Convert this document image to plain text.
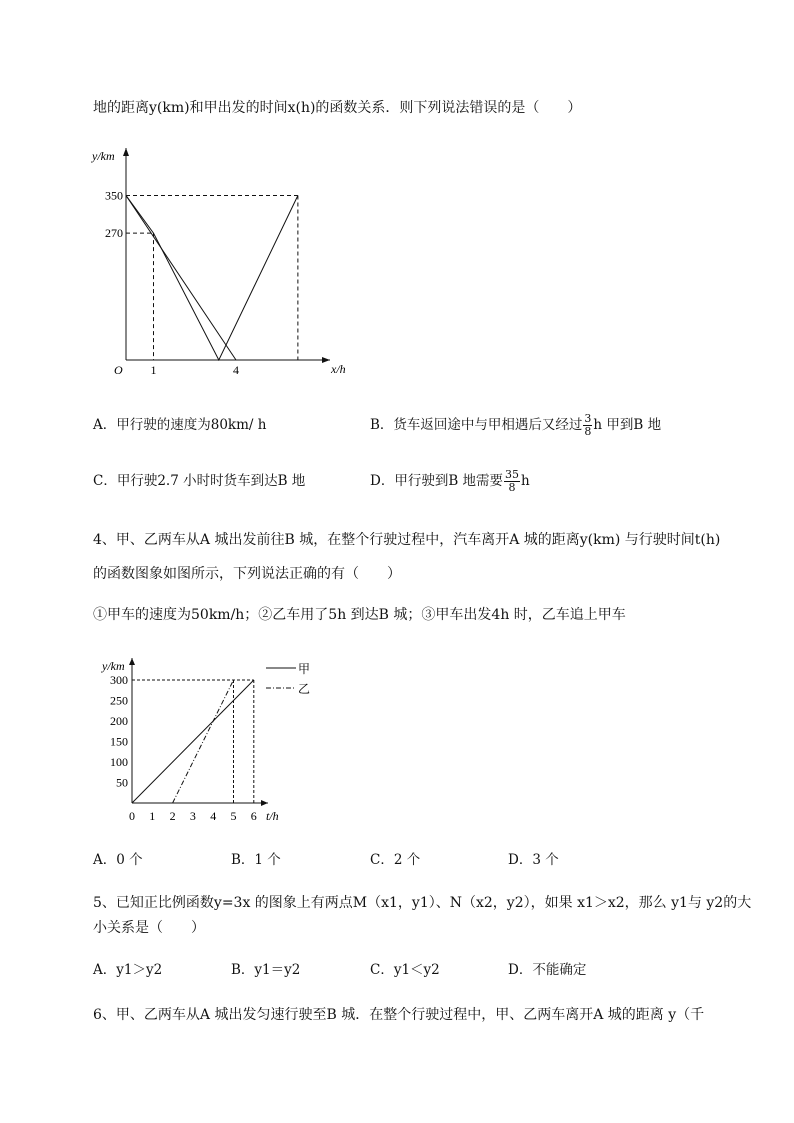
地的距离y(km)和甲出发的时间x(h)的函数关系．则下列说法错误的是（　　）
y/km
x/h
O 1	4
270
350
A．甲行驶的速度为80km/ h	B．货车返回途中与甲相遇后又经过 $\frac{3}{8}$ h 甲到B 地
C．甲行驶2.7 小时时货车到达B 地	D．甲行驶到B 地需要 $\frac{35}{8}$ h
4、甲、乙两车从A 城出发前往B 城，在整个行驶过程中，汽车离开A 城的距离y(km) 与行驶时间t(h)
的函数图象如图所示，下列说法正确的有（　　）
①甲车的速度为50km/h；②乙车用了5h 到达B 城；③甲车出发4h 时，乙车追上甲车
y/km
t/h
0 1 2 3 4 5 6
50
100
150
200
250
300
甲
乙
A．0 个	B．1 个	C．2 个	D．3 个
5、已知正比例函数y=3x 的图象上有两点M（x1，y1）、N（x2，y2），如果 x1＞x2，那么 y1与 y2的大
小关系是（　　）
A．y1＞y2	B．y1＝y2	C．y1＜y2	D．不能确定
6、甲、乙两车从A 城出发匀速行驶至B 城．在整个行驶过程中，甲、乙两车离开A 城的距离 y（千
